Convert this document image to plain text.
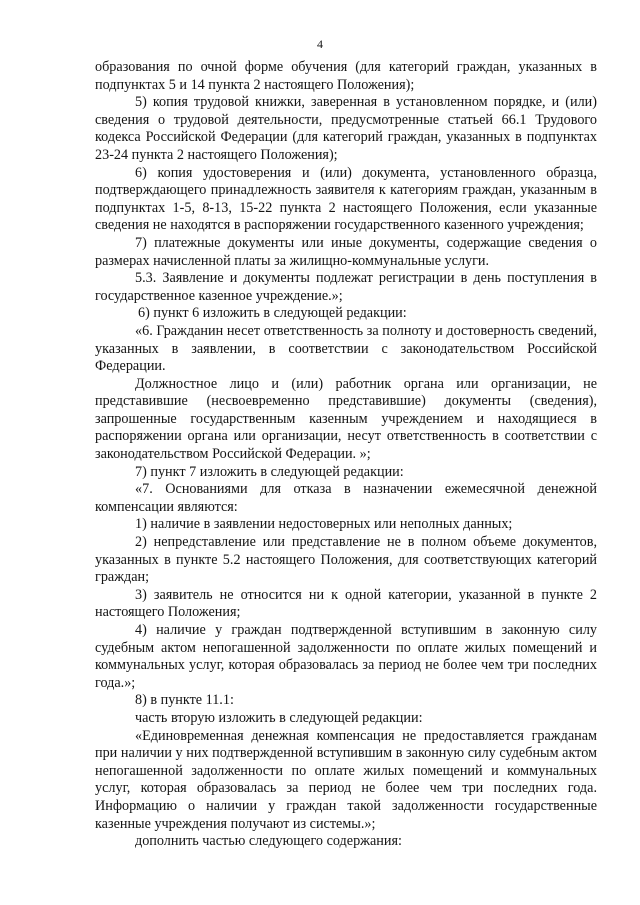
4

образования по очной форме обучения (для категорий граждан, указанных в подпунктах 5 и 14 пункта 2 настоящего Положения);

5) копия трудовой книжки, заверенная в установленном порядке, и (или) сведения о трудовой деятельности, предусмотренные статьей 66.1 Трудового кодекса Российской Федерации (для категорий граждан, указанных в подпунктах 23-24 пункта 2 настоящего Положения);

6) копия удостоверения и (или) документа, установленного образца, подтверждающего принадлежность заявителя к категориям граждан, указанным в подпунктах 1-5, 8-13, 15-22 пункта 2 настоящего Положения, если указанные сведения не находятся в распоряжении государственного казенного учреждения;

7) платежные документы или иные документы, содержащие сведения о размерах начисленной платы за жилищно-коммунальные услуги.

5.3. Заявление и документы подлежат регистрации в день поступления в государственное казенное учреждение.»;

6) пункт 6 изложить в следующей редакции:

«6. Гражданин несет ответственность за полноту и достоверность сведений, указанных в заявлении, в соответствии с законодательством Российской Федерации.

Должностное лицо и (или) работник органа или организации, не представившие (несвоевременно представившие) документы (сведения), запрошенные государственным казенным учреждением и находящиеся в распоряжении органа или организации, несут ответственность в соответствии с законодательством Российской Федерации. »;

7) пункт 7 изложить в следующей редакции:

«7. Основаниями для отказа в назначении ежемесячной денежной компенсации являются:

1) наличие в заявлении недостоверных или неполных данных;

2) непредставление или представление не в полном объеме документов, указанных в пункте 5.2 настоящего Положения, для соответствующих категорий граждан;

3) заявитель не относится ни к одной категории, указанной в пункте 2 настоящего Положения;

4) наличие у граждан подтвержденной вступившим в законную силу судебным актом непогашенной задолженности по оплате жилых помещений и коммунальных услуг, которая образовалась за период не более чем три последних года.»;

8) в пункте 11.1:

часть вторую изложить в следующей редакции:

«Единовременная денежная компенсация не предоставляется гражданам при наличии у них подтвержденной вступившим в законную силу судебным актом непогашенной задолженности по оплате жилых помещений и коммунальных услуг, которая образовалась за период не более чем три последних года. Информацию о наличии у граждан такой задолженности государственные казенные учреждения получают из системы.»;

дополнить частью следующего содержания:
